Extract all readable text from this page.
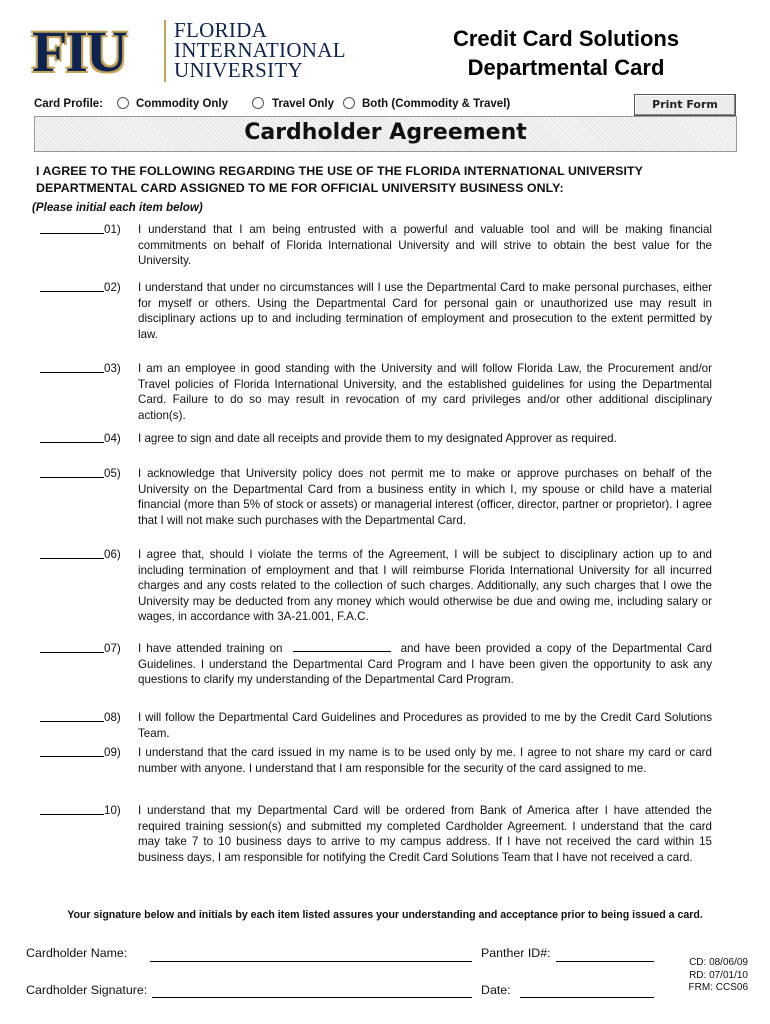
FIU	FLORIDA
INTERNATIONAL
UNIVERSITY
Credit Card Solutions
Departmental Card
Card Profile:	Commodity Only	Travel Only Both (Commodity & Travel)	Print Form
Cardholder Agreement
I AGREE TO THE FOLLOWING REGARDING THE USE OF THE FLORIDA INTERNATIONAL UNIVERSITY
DEPARTMENTAL CARD ASSIGNED TO ME FOR OFFICIAL UNIVERSITY BUSINESS ONLY:
(Please initial each item below)
01) I understand that I am being entrusted with a powerful and valuable tool and will be making financial commitments on behalf of Florida International University and will strive to obtain the best value for the University.
02) I understand that under no circumstances will I use the Departmental Card to make personal purchases, either for myself or others. Using the Departmental Card for personal gain or unauthorized use may result in disciplinary actions up to and including termination of employment and prosecution to the extent permitted by law.
03) I am an employee in good standing with the University and will follow Florida Law, the Procurement and/or Travel policies of Florida International University, and the established guidelines for using the Departmental Card. Failure to do so may result in revocation of my card privileges and/or other additional disciplinary action(s).
04) I agree to sign and date all receipts and provide them to my designated Approver as required.
05) I acknowledge that University policy does not permit me to make or approve purchases on behalf of the University on the Departmental Card from a business entity in which I, my spouse or child have a material financial (more than 5% of stock or assets) or managerial interest (officer, director, partner or proprietor). I agree that I will not make such purchases with the Departmental Card.
06) I agree that, should I violate the terms of the Agreement, I will be subject to disciplinary action up to and including termination of employment and that I will reimburse Florida International University for all incurred charges and any costs related to the collection of such charges. Additionally, any such charges that I owe the University may be deducted from any money which would otherwise be due and owing me, including salary or wages, in accordance with 3A-21.001, F.A.C.
07) I have attended training on	and have been provided a copy of the Departmental Card Guidelines. I understand the Departmental Card Program and I have been given the opportunity to ask any questions to clarify my understanding of the Departmental Card Program.
08) I will follow the Departmental Card Guidelines and Procedures as provided to me by the Credit Card Solutions Team.
09) I understand that the card issued in my name is to be used only by me. I agree to not share my card or card number with anyone. I understand that I am responsible for the security of the card assigned to me.
10) I understand that my Departmental Card will be ordered from Bank of America after I have attended the required training session(s) and submitted my completed Cardholder Agreement. I understand that the card may take 7 to 10 business days to arrive to my campus address. If I have not received the card within 15 business days, I am responsible for notifying the Credit Card Solutions Team that I have not received a card.
Your signature below and initials by each item listed assures your understanding and acceptance prior to being issued a card.
Cardholder Name:	Panther ID#:
Cardholder Signature:	Date:
CD: 08/06/09
RD: 07/01/10
FRM: CCS06
